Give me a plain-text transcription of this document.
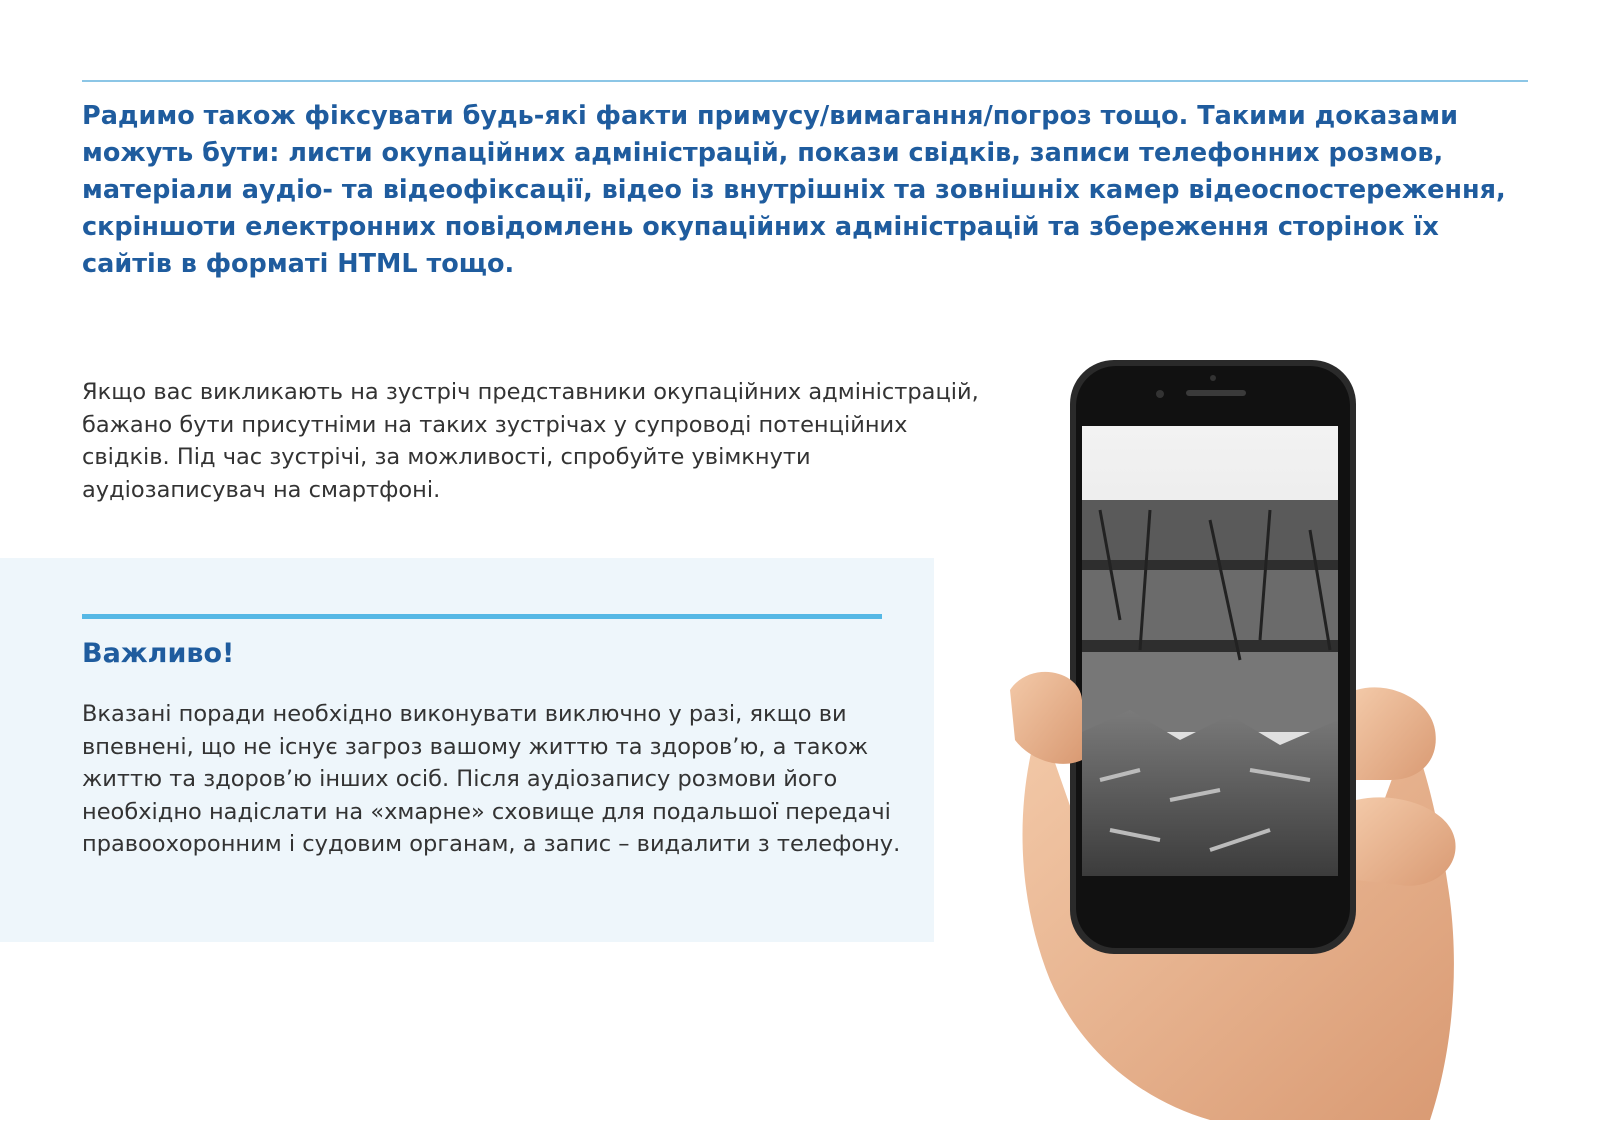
Радимо також фіксувати будь-які факти примусу/вимагання/погроз тощо. Такими доказами можуть бути: листи окупаційних адміністрацій, покази свідків, записи телефонних розмов, матеріали аудіо- та відеофіксації, відео із внутрішніх та зовнішніх камер відеоспостереження, скріншоти електронних повідомлень окупаційних адміністрацій та збереження сторінок їх сайтів в форматі HTML тощо.

Якщо вас викликають на зустріч представники окупаційних адміністрацій, бажано бути присутніми на таких зустрічах у супроводі потенційних свідків. Під час зустрічі, за можливості, спробуйте увімкнути аудіозаписувач на смартфоні.

Важливо!

Вказані поради необхідно виконувати виключно у разі, якщо ви впевнені, що не існує загроз вашому життю та здоров’ю, а також життю та здоров’ю інших осіб. Після аудіозапису розмови його необхідно надіслати на «хмарне» сховище для подальшої передачі правоохоронним і судовим органам, а запис – видалити з телефону.
